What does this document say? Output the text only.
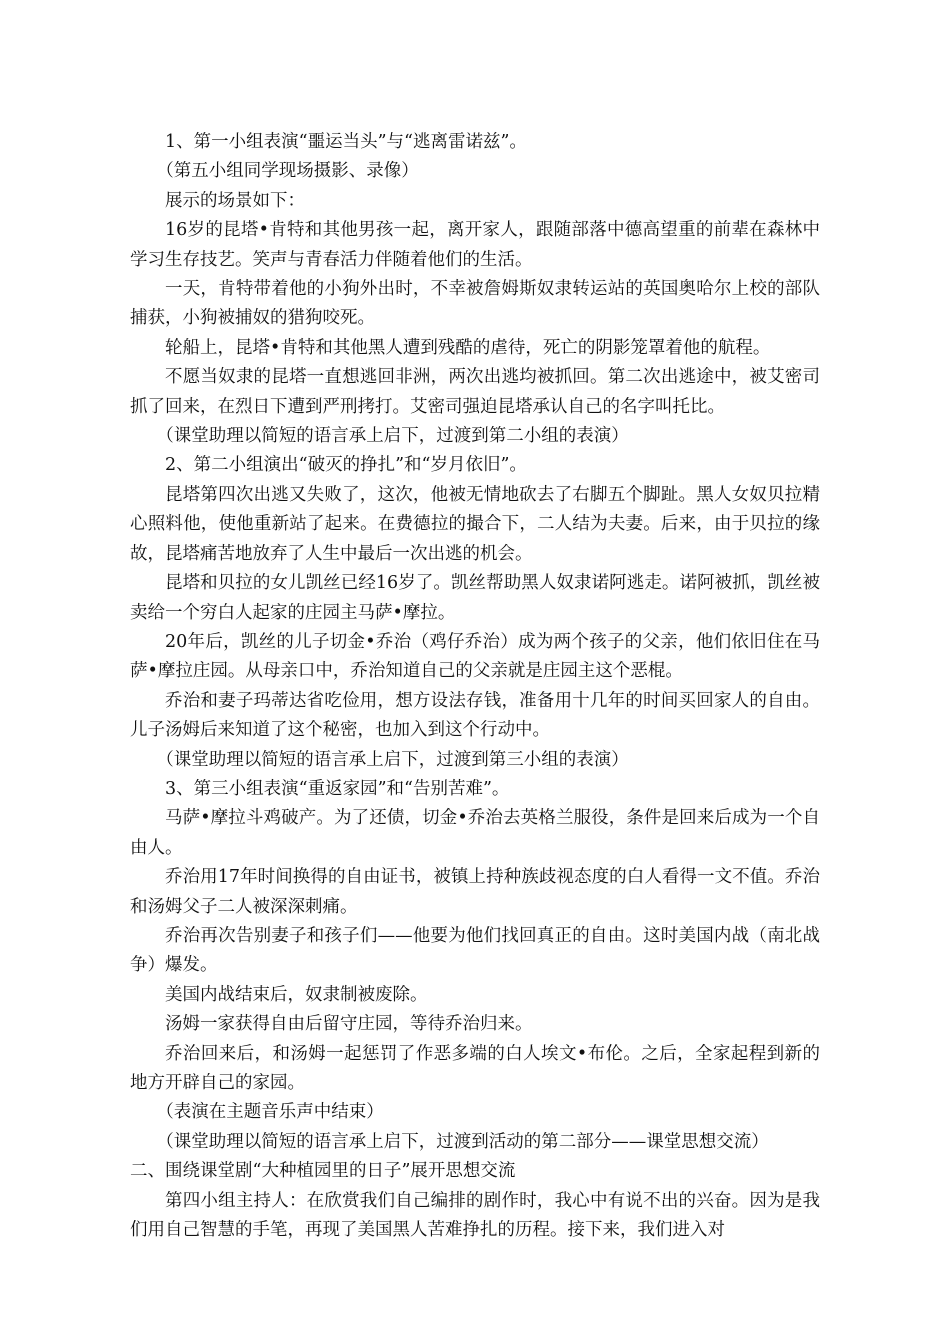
1、第一小组表演“噩运当头”与“逃离雷诺兹”。

（第五小组同学现场摄影、录像）

展示的场景如下：

16岁的昆塔•肯特和其他男孩一起，离开家人，跟随部落中德高望重的前辈在森林中学习生存技艺。笑声与青春活力伴随着他们的生活。

一天，肯特带着他的小狗外出时，不幸被詹姆斯奴隶转运站的英国奥哈尔上校的部队捕获，小狗被捕奴的猎狗咬死。

轮船上，昆塔•肯特和其他黑人遭到残酷的虐待，死亡的阴影笼罩着他的航程。

不愿当奴隶的昆塔一直想逃回非洲，两次出逃均被抓回。第二次出逃途中，被艾密司抓了回来，在烈日下遭到严刑拷打。艾密司强迫昆塔承认自己的名字叫托比。

（课堂助理以简短的语言承上启下，过渡到第二小组的表演）

2、第二小组演出“破灭的挣扎”和“岁月依旧”。

昆塔第四次出逃又失败了，这次，他被无情地砍去了右脚五个脚趾。黑人女奴贝拉精心照料他，使他重新站了起来。在费德拉的撮合下，二人结为夫妻。后来，由于贝拉的缘故，昆塔痛苦地放弃了人生中最后一次出逃的机会。

昆塔和贝拉的女儿凯丝已经16岁了。凯丝帮助黑人奴隶诺阿逃走。诺阿被抓，凯丝被卖给一个穷白人起家的庄园主马萨•摩拉。

20年后，凯丝的儿子切金•乔治（鸡仔乔治）成为两个孩子的父亲，他们依旧住在马萨•摩拉庄园。从母亲口中，乔治知道自己的父亲就是庄园主这个恶棍。

乔治和妻子玛蒂达省吃俭用，想方设法存钱，准备用十几年的时间买回家人的自由。儿子汤姆后来知道了这个秘密，也加入到这个行动中。

（课堂助理以简短的语言承上启下，过渡到第三小组的表演）

3、第三小组表演“重返家园”和“告别苦难”。

马萨•摩拉斗鸡破产。为了还债，切金•乔治去英格兰服役，条件是回来后成为一个自由人。

乔治用17年时间换得的自由证书，被镇上持种族歧视态度的白人看得一文不值。乔治和汤姆父子二人被深深刺痛。

乔治再次告别妻子和孩子们——他要为他们找回真正的自由。这时美国内战（南北战争）爆发。

美国内战结束后，奴隶制被废除。

汤姆一家获得自由后留守庄园，等待乔治归来。

乔治回来后，和汤姆一起惩罚了作恶多端的白人埃文•布伦。之后，全家起程到新的地方开辟自己的家园。

（表演在主题音乐声中结束）

（课堂助理以简短的语言承上启下，过渡到活动的第二部分——课堂思想交流）

二、围绕课堂剧“大种植园里的日子”展开思想交流

第四小组主持人：在欣赏我们自己编排的剧作时，我心中有说不出的兴奋。因为是我们用自己智慧的手笔，再现了美国黑人苦难挣扎的历程。接下来，我们进入对
